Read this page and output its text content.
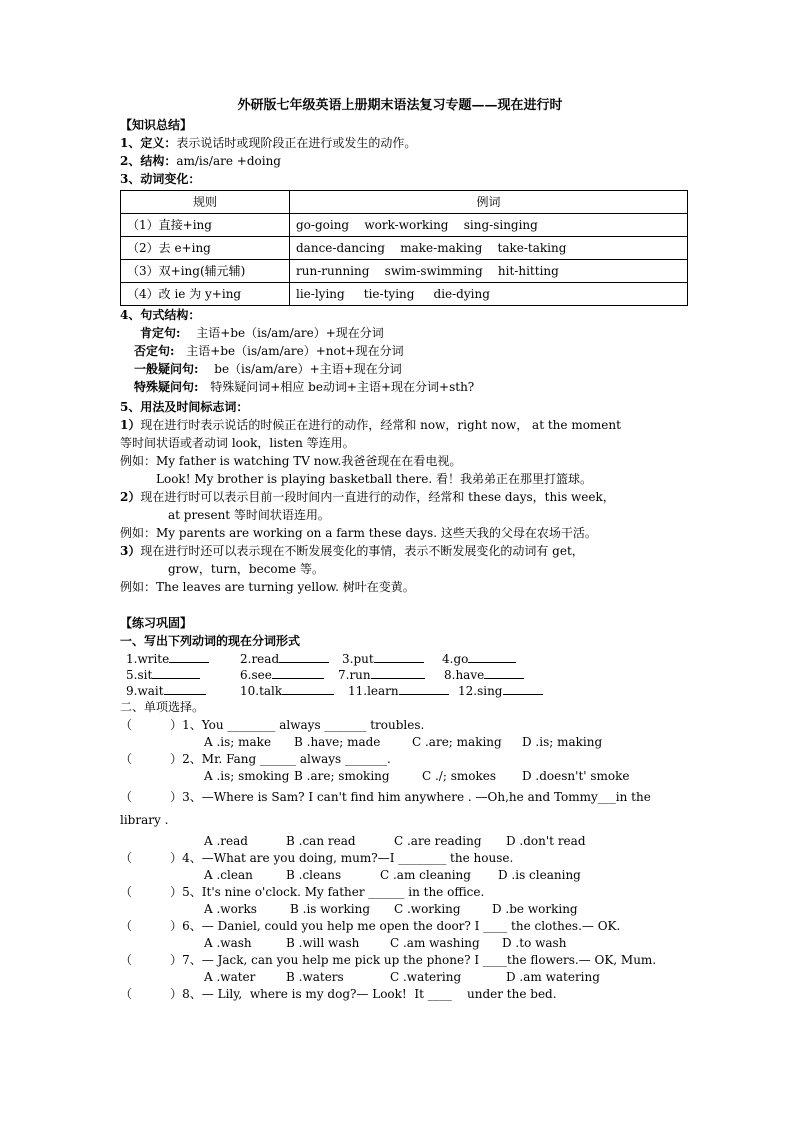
外研版七年级英语上册期末语法复习专题——现在进行时
【知识总结】
1、定义：表示说话时或现阶段正在进行或发生的动作。
2、结构：am/is/are +doing
3、动词变化：
规则	例词
（1）直接+ing	go-going    work-working    sing-singing
（2）去 e+ing	dance-dancing    make-making    take-taking
（3）双+ing(辅元辅)	run-running    swim-swimming    hit-hitting
（4）改 ie 为 y+ing	lie-lying     tie-tying     die-dying
4、句式结构：
肯定句: 主语+be（is/am/are）+现在分词
否定句: 主语+be（is/am/are）+not+现在分词
一般疑问句: be（is/am/are）+主语+现在分词
特殊疑问句: 特殊疑问词+相应 be动词+主语+现在分词+sth?
5、用法及时间标志词：
1）现在进行时表示说话的时候正在进行的动作，经常和 now，right now， at the moment
等时间状语或者动词 look，listen 等连用。
例如：My father is watching TV now.我爸爸现在在看电视。
Look! My brother is playing basketball there. 看！我弟弟正在那里打篮球。
2）现在进行时可以表示目前一段时间内一直进行的动作，经常和 these days，this week，
at present 等时间状语连用。
例如：My parents are working on a farm these days. 这些天我的父母在农场干活。
3）现在进行时还可以表示现在不断发展变化的事情，表示不断发展变化的动词有 get，
grow，turn，become 等。
例如：The leaves are turning yellow. 树叶在变黄。
【练习巩固】
一、写出下列动词的现在分词形式
1.write	2.read	3.put	4.go
5.sit	6.see	7.run	8.have
9.wait	10.talk	11.learn	12.sing
二、单项选择。
（          ）1、You ________ always _______ troubles.
A .is; make B .have; made	C .are; making D .is; making
（          ）2、Mr. Fang ______ always _______.
A .is; smoking B .are; smoking	C ./; smokes D .doesn't' smoke
（          ）3、—Where is Sam? I can't find him anywhere . —Oh,he and Tommy___in the
library .
A .read	B .can read	C .are reading D .don't read
（          ）4、—What are you doing, mum?—I ________ the house.
A .clean	B .cleans	C .am cleaning D .is cleaning
（          ）5、It's nine o'clock. My father ______ in the office.
A .works	B .is working C .working	D .be working
（          ）6、— Daniel, could you help me open the door? I ____ the clothes.— OK.
A .wash	B .will wash	C .am washing D .to wash
（          ）7、— Jack, can you help me pick up the phone? I ____the flowers.— OK, Mum.
A .water	B .waters	C .watering	D .am watering
（          ）8、— Lily,  where is my dog?— Look!  It ____    under the bed.
